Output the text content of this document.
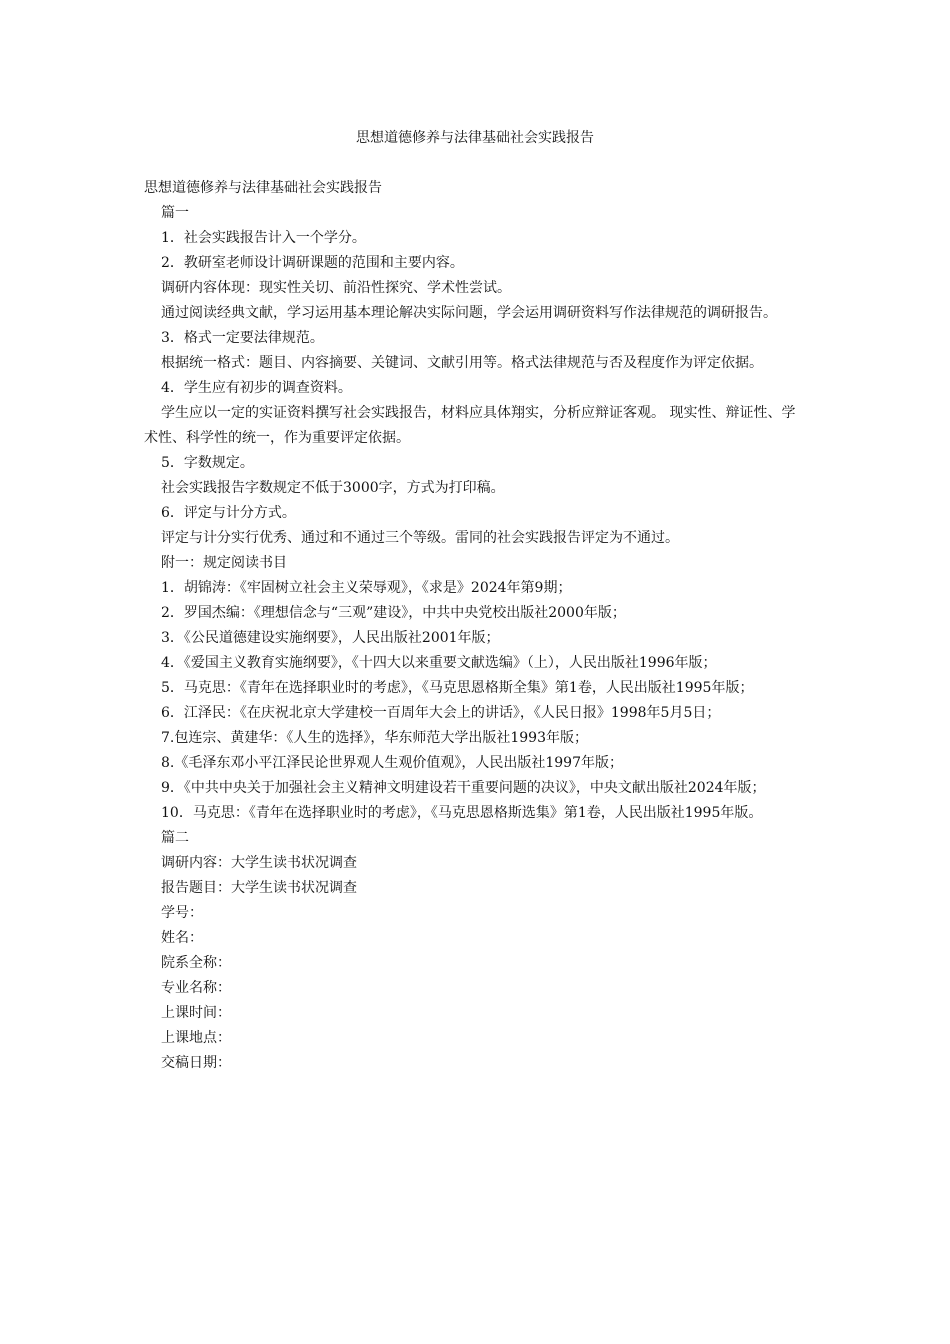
思想道德修养与法律基础社会实践报告

思想道德修养与法律基础社会实践报告

篇一

1．社会实践报告计入一个学分。

2．教研室老师设计调研课题的范围和主要内容。

调研内容体现：现实性关切、前沿性探究、学术性尝试。

通过阅读经典文献，学习运用基本理论解决实际问题，学会运用调研资料写作法律规范的调研报告。

3．格式一定要法律规范。

根据统一格式：题目、内容摘要、关键词、文献引用等。格式法律规范与否及程度作为评定依据。

4．学生应有初步的调查资料。

学生应以一定的实证资料撰写社会实践报告，材料应具体翔实，分析应辩证客观。 现实性、辩证性、学术性、科学性的统一，作为重要评定依据。

5．字数规定。

社会实践报告字数规定不低于3000字，方式为打印稿。

6．评定与计分方式。

评定与计分实行优秀、通过和不通过三个等级。雷同的社会实践报告评定为不通过。

附一：规定阅读书目

1．胡锦涛：《牢固树立社会主义荣辱观》，《求是》2024年第9期；

2．罗国杰编：《理想信念与“三观”建设》，中共中央党校出版社2000年版；

3．《公民道德建设实施纲要》，人民出版社2001年版；

4．《爱国主义教育实施纲要》，《十四大以来重要文献选编》（上），人民出版社1996年版；

5．马克思：《青年在选择职业时的考虑》，《马克思恩格斯全集》第1卷，人民出版社1995年版；

6．江泽民：《在庆祝北京大学建校一百周年大会上的讲话》，《人民日报》1998年5月5日；

7.包连宗、黄建华：《人生的选择》，华东师范大学出版社1993年版；

8.《毛泽东邓小平江泽民论世界观人生观价值观》，人民出版社1997年版；

9．《中共中央关于加强社会主义精神文明建设若干重要问题的决议》，中央文献出版社2024年版；

10．马克思：《青年在选择职业时的考虑》，《马克思恩格斯选集》第1卷，人民出版社1995年版。

篇二

调研内容：大学生读书状况调查

报告题目：大学生读书状况调查

学号：

姓名：

院系全称：

专业名称：

上课时间：

上课地点：

交稿日期：
